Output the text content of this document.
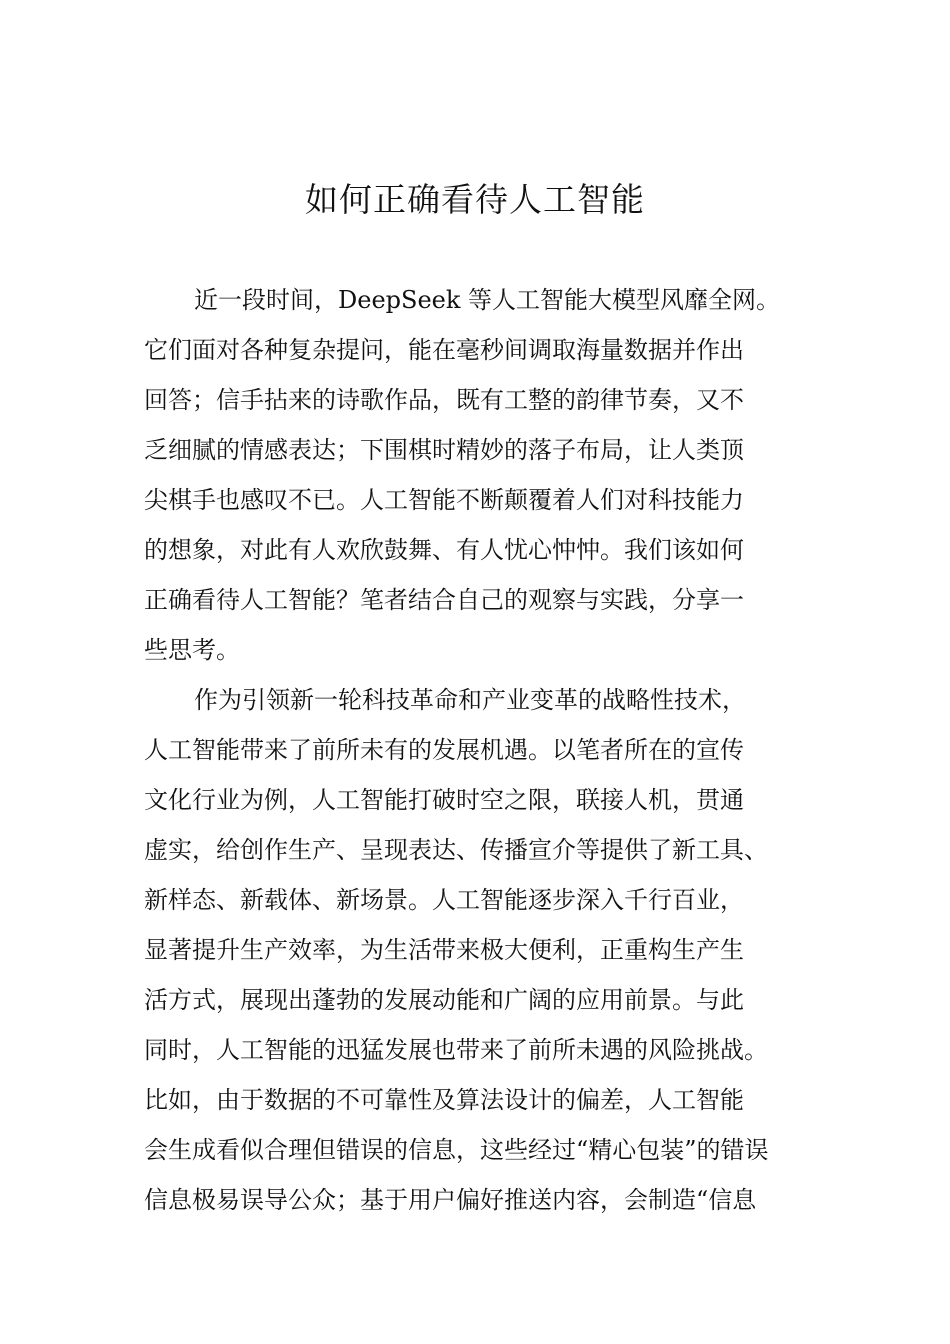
如何正确看待人工智能

近一段时间，DeepSeek 等人工智能大模型风靡全网。
它们面对各种复杂提问，能在毫秒间调取海量数据并作出
回答；信手拈来的诗歌作品，既有工整的韵律节奏，又不
乏细腻的情感表达；下围棋时精妙的落子布局，让人类顶
尖棋手也感叹不已。人工智能不断颠覆着人们对科技能力
的想象，对此有人欢欣鼓舞、有人忧心忡忡。我们该如何
正确看待人工智能？笔者结合自己的观察与实践，分享一
些思考。

作为引领新一轮科技革命和产业变革的战略性技术，
人工智能带来了前所未有的发展机遇。以笔者所在的宣传
文化行业为例，人工智能打破时空之限，联接人机，贯通
虚实，给创作生产、呈现表达、传播宣介等提供了新工具、
新样态、新载体、新场景。人工智能逐步深入千行百业，
显著提升生产效率，为生活带来极大便利，正重构生产生
活方式，展现出蓬勃的发展动能和广阔的应用前景。与此
同时，人工智能的迅猛发展也带来了前所未遇的风险挑战。
比如，由于数据的不可靠性及算法设计的偏差，人工智能
会生成看似合理但错误的信息，这些经过“精心包装”的错误
信息极易误导公众；基于用户偏好推送内容，会制造“信息
